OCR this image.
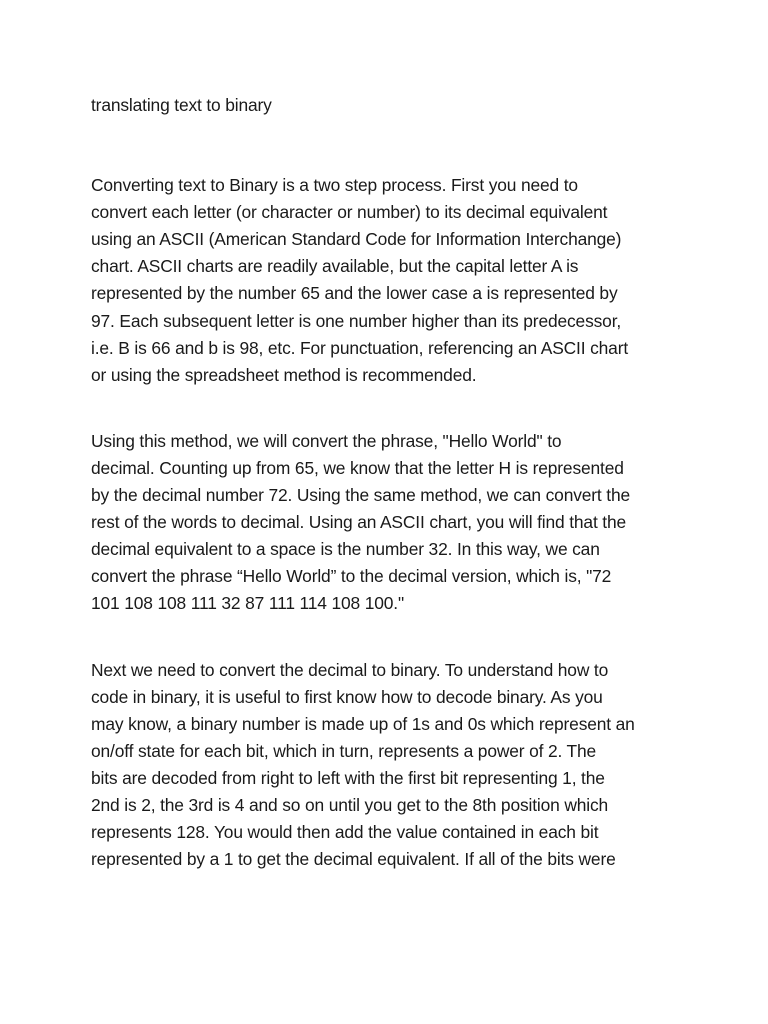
translating text to binary
Converting text to Binary is a two step process. First you need to
convert each letter (or character or number) to its decimal equivalent
using an ASCII (American Standard Code for Information Interchange)
chart. ASCII charts are readily available, but the capital letter A is
represented by the number 65 and the lower case a is represented by
97. Each subsequent letter is one number higher than its predecessor,
i.e. B is 66 and b is 98, etc. For punctuation, referencing an ASCII chart
or using the spreadsheet method is recommended.
Using this method, we will convert the phrase, "Hello World" to
decimal. Counting up from 65, we know that the letter H is represented
by the decimal number 72. Using the same method, we can convert the
rest of the words to decimal. Using an ASCII chart, you will find that the
decimal equivalent to a space is the number 32. In this way, we can
convert the phrase “Hello World” to the decimal version, which is, "72
101 108 108 111 32 87 111 114 108 100."
Next we need to convert the decimal to binary. To understand how to
code in binary, it is useful to first know how to decode binary. As you
may know, a binary number is made up of 1s and 0s which represent an
on/off state for each bit, which in turn, represents a power of 2. The
bits are decoded from right to left with the first bit representing 1, the
2nd is 2, the 3rd is 4 and so on until you get to the 8th position which
represents 128. You would then add the value contained in each bit
represented by a 1 to get the decimal equivalent. If all of the bits were
